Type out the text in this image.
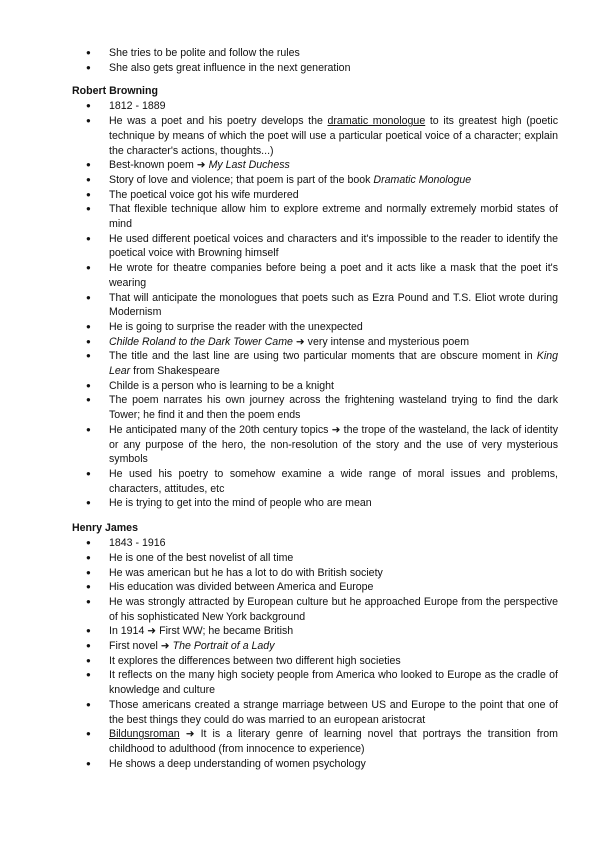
● She tries to be polite and follow the rules
● She also gets great influence in the next generation

Robert Browning

● 1812 - 1889
● He was a poet and his poetry develops the dramatic monologue to its greatest high (poetic technique by means of which the poet will use a particular poetical voice of a character; explain the character's actions, thoughts...)
● Best-known poem ➜ My Last Duchess
● Story of love and violence; that poem is part of the book Dramatic Monologue
● The poetical voice got his wife murdered
● That flexible technique allow him to explore extreme and normally extremely morbid states of mind
● He used different poetical voices and characters and it's impossible to the reader to identify the poetical voice with Browning himself
● He wrote for theatre companies before being a poet and it acts like a mask that the poet it's wearing
● That will anticipate the monologues that poets such as Ezra Pound and T.S. Eliot wrote during Modernism
● He is going to surprise the reader with the unexpected
● Childe Roland to the Dark Tower Came ➜ very intense and mysterious poem
● The title and the last line are using two particular moments that are obscure moment in King Lear from Shakespeare
● Childe is a person who is learning to be a knight
● The poem narrates his own journey across the frightening wasteland trying to find the dark Tower; he find it and then the poem ends
● He anticipated many of the 20th century topics ➜ the trope of the wasteland, the lack of identity or any purpose of the hero, the non-resolution of the story and the use of very mysterious symbols
● He used his poetry to somehow examine a wide range of moral issues and problems, characters, attitudes, etc
● He is trying to get into the mind of people who are mean

Henry James

● 1843 - 1916
● He is one of the best novelist of all time
● He was american but he has a lot to do with British society
● His education was divided between America and Europe
● He was strongly attracted by European culture but he approached Europe from the perspective of his sophisticated New York background
● In 1914 ➜ First WW; he became British
● First novel ➜ The Portrait of a Lady
● It explores the differences between two different high societies
● It reflects on the many high society people from America who looked to Europe as the cradle of knowledge and culture
● Those americans created a strange marriage between US and Europe to the point that one of the best things they could do was married to an european aristocrat
● Bildungsroman ➜ It is a literary genre of learning novel that portrays the transition from childhood to adulthood (from innocence to experience)
● He shows a deep understanding of women psychology
